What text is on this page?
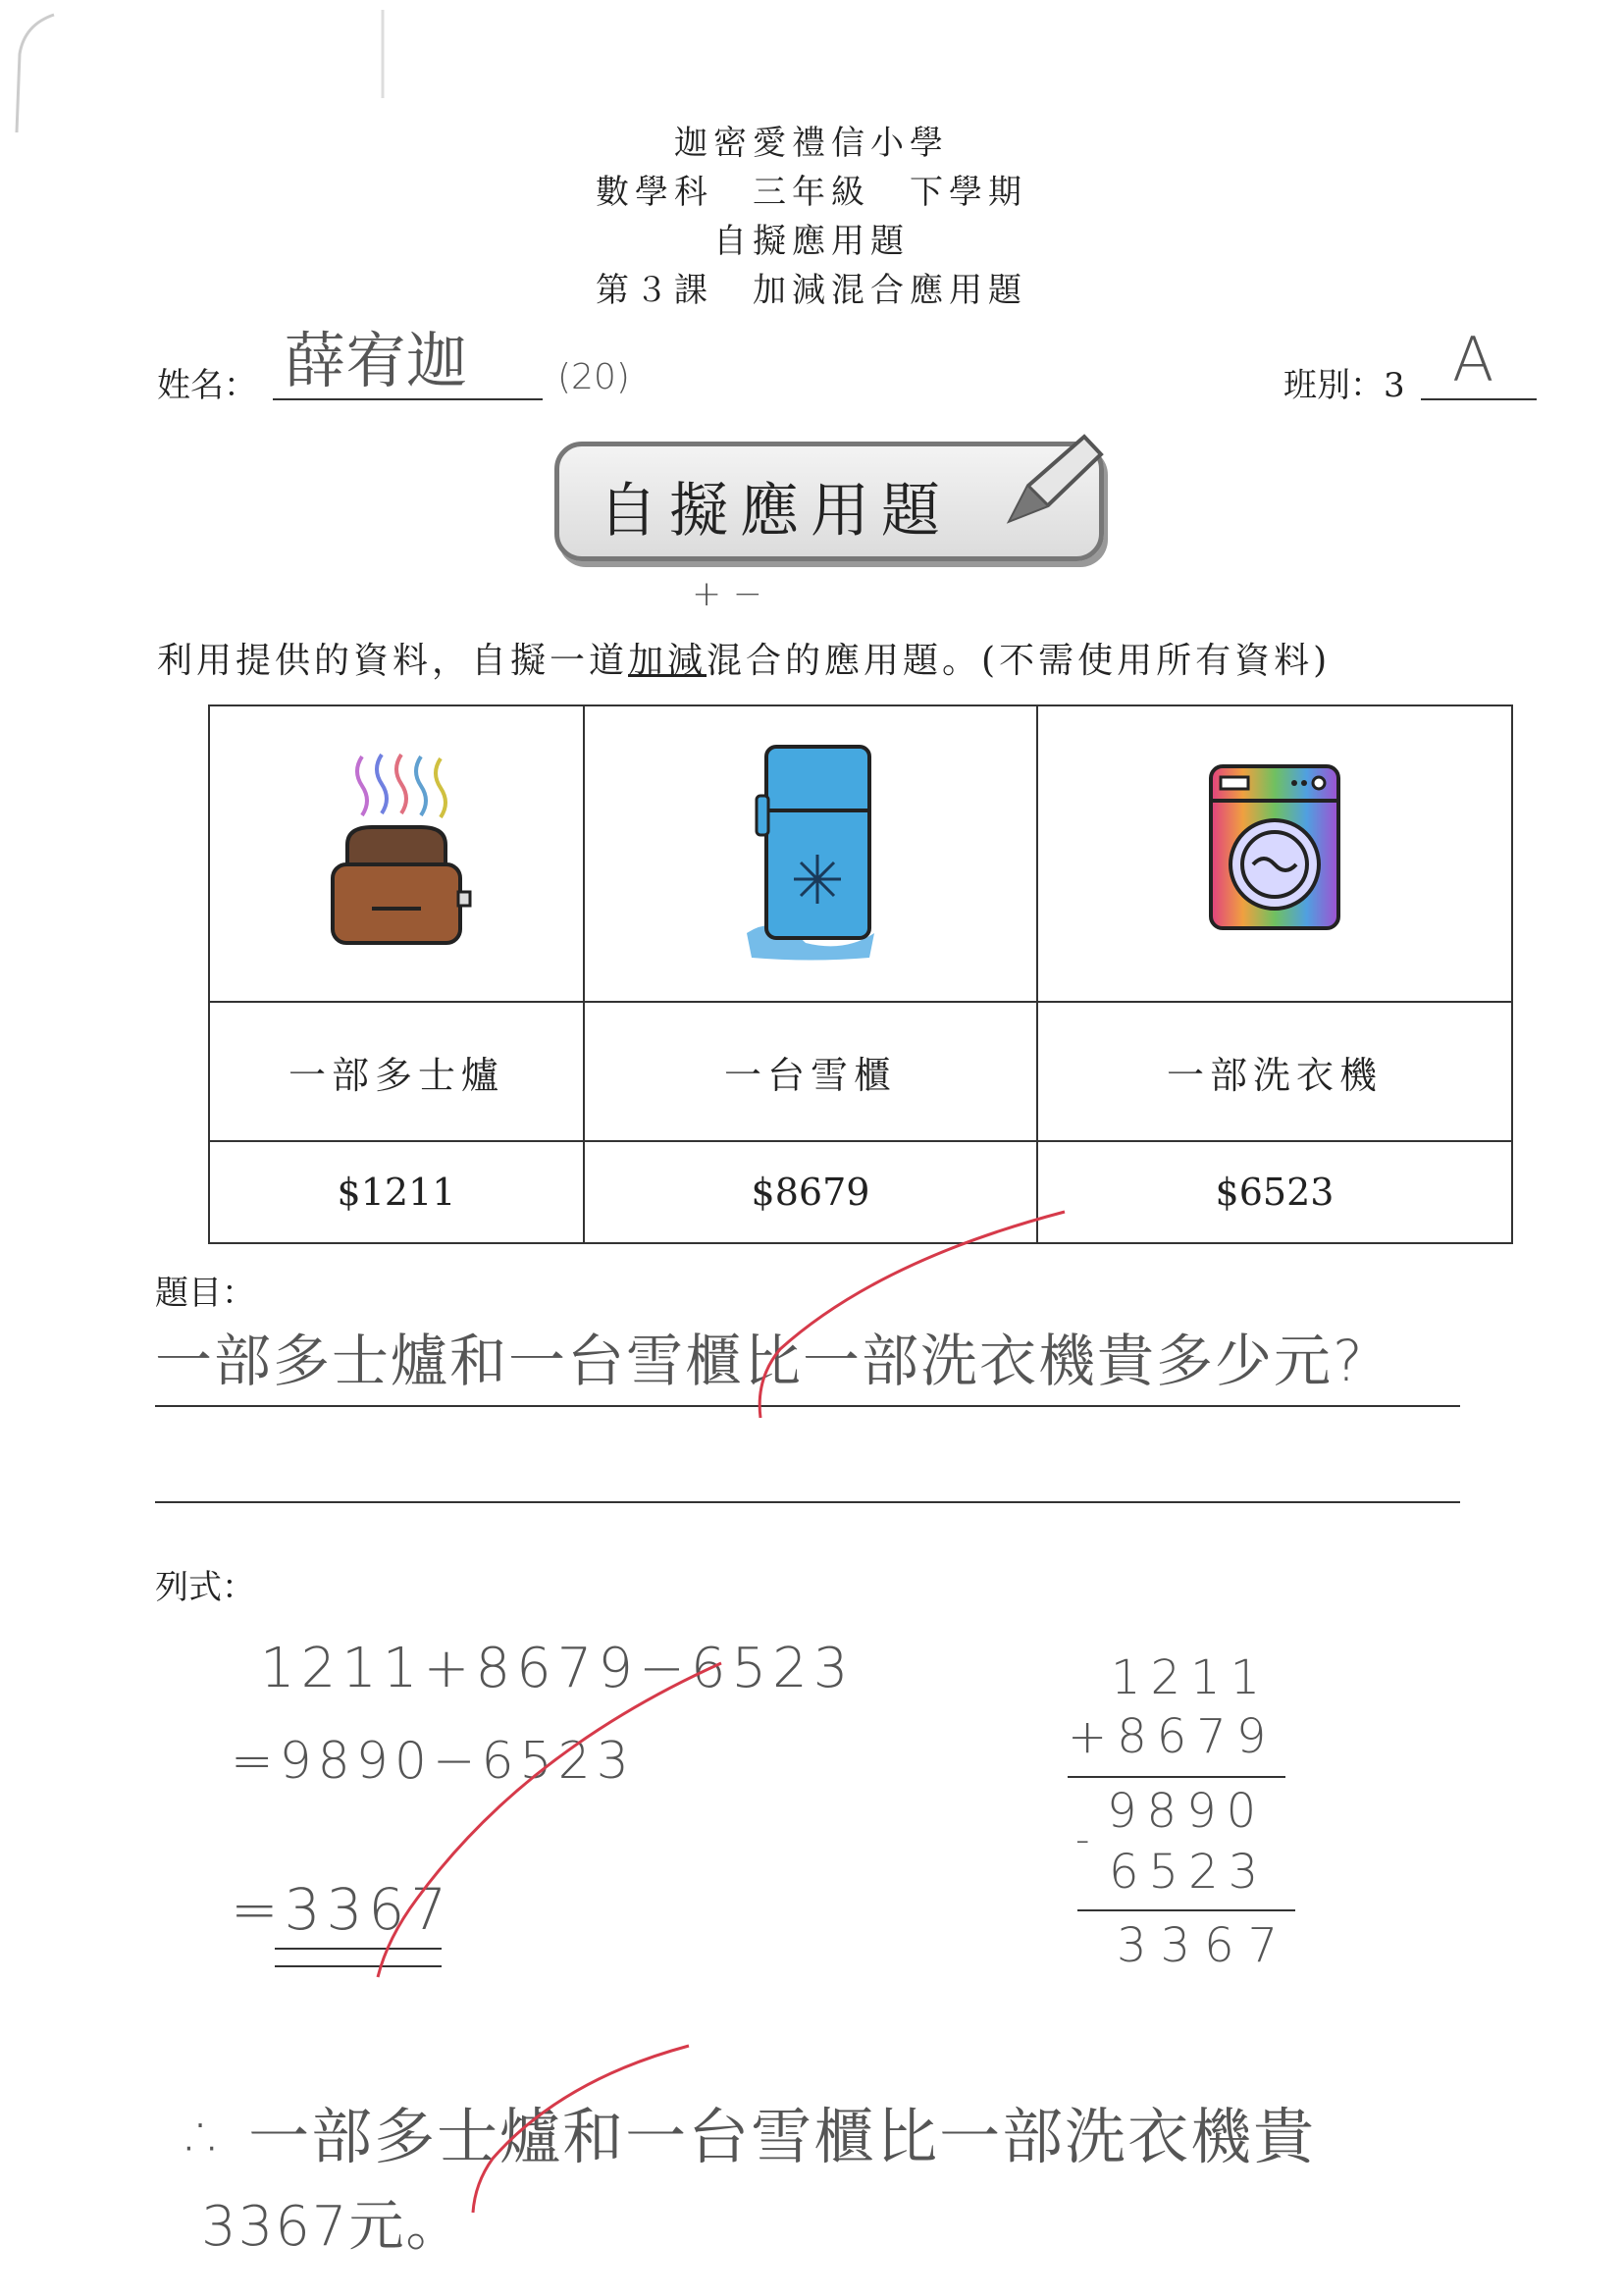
迦密愛禮信小學
數學科　三年級　下學期
自擬應用題
第３課　加減混合應用題
姓名： 薛宥迦	(20)	班別：3 A
自擬應用題
+ −
利用提供的資料，自擬一道加減混合的應用題。(不需使用所有資料)

一部多士爐	一台雪櫃	一部洗衣機
$1211	$8679	$6523
題目：
一部多士爐和一台雪櫃比一部洗衣機貴多少元?
列式：
1211+8679−6523
=9890−6523
=3367
1211
+8679
9890
-
6523
3367
∴ 一部多士爐和一台雪櫃比一部洗衣機貴
3367元。
